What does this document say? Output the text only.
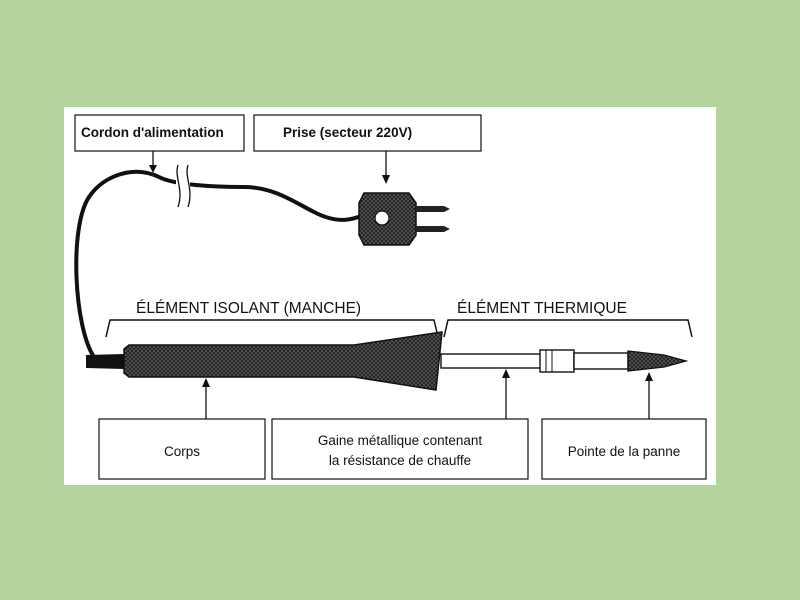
Cordon d'alimentation	Prise (secteur 220V)
ÉLÉMENT ISOLANT (MANCHE)	ÉLÉMENT THERMIQUE
Corps
Gaine métallique contenant
la résistance de chauffe
Pointe de la panne
